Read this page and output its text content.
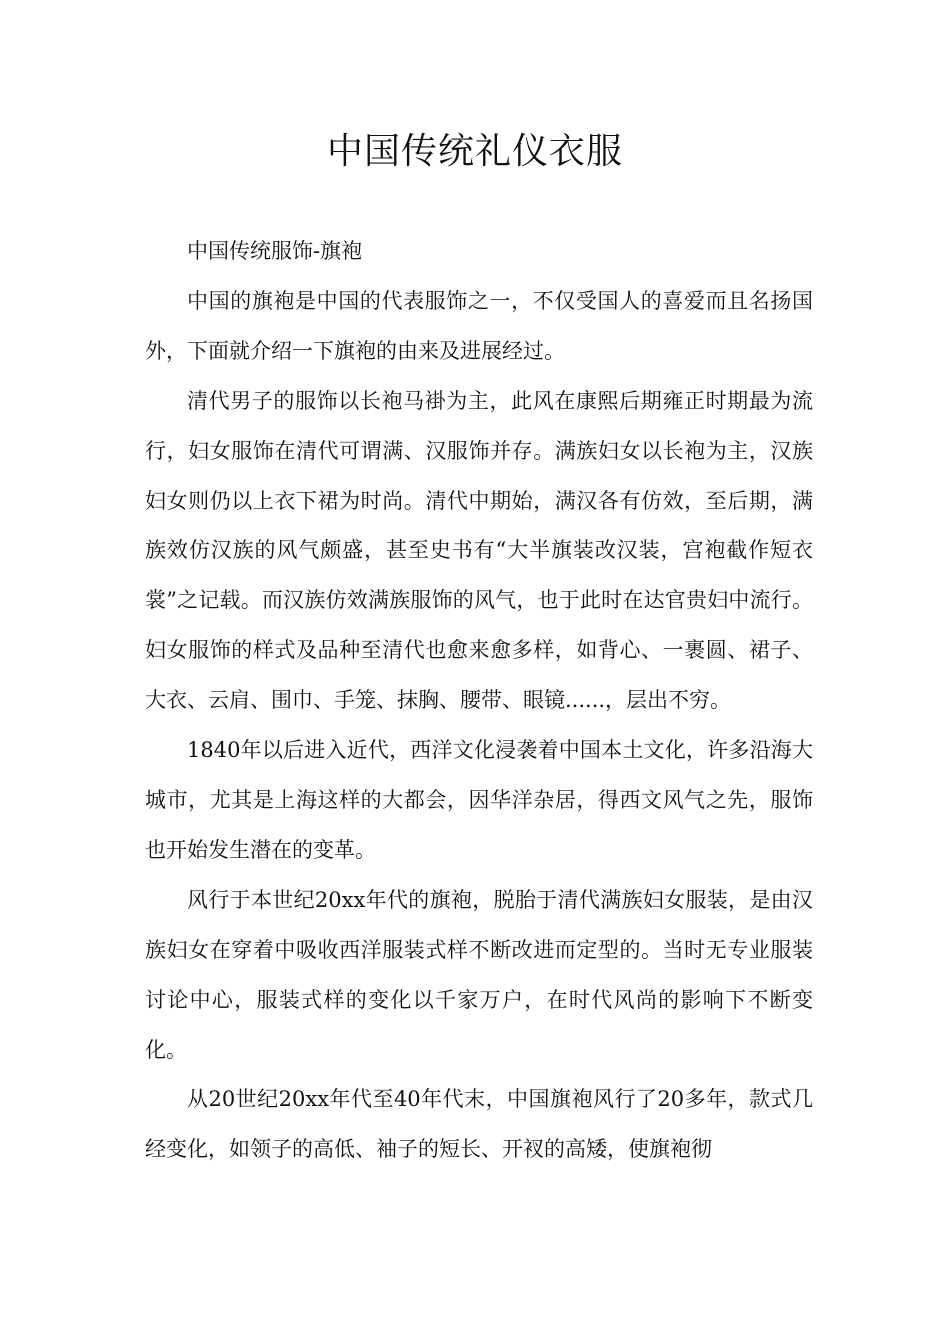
中国传统礼仪衣服

中国传统服饰-旗袍

中国的旗袍是中国的代表服饰之一，不仅受国人的喜爱而且名扬国外，下面就介绍一下旗袍的由来及进展经过。

清代男子的服饰以长袍马褂为主，此风在康熙后期雍正时期最为流行，妇女服饰在清代可谓满、汉服饰并存。满族妇女以长袍为主，汉族妇女则仍以上衣下裙为时尚。清代中期始，满汉各有仿效，至后期，满族效仿汉族的风气颇盛，甚至史书有“大半旗装改汉装，宫袍截作短衣裳”之记载。而汉族仿效满族服饰的风气，也于此时在达官贵妇中流行。妇女服饰的样式及品种至清代也愈来愈多样，如背心、一裹圆、裙子、大衣、云肩、围巾、手笼、抹胸、腰带、眼镜......，层出不穷。

1840年以后进入近代，西洋文化浸袭着中国本土文化，许多沿海大城市，尤其是上海这样的大都会，因华洋杂居，得西文风气之先，服饰也开始发生潜在的变革。

风行于本世纪20xx年代的旗袍，脱胎于清代满族妇女服装，是由汉族妇女在穿着中吸收西洋服装式样不断改进而定型的。当时无专业服装讨论中心，服装式样的变化以千家万户，在时代风尚的影响下不断变化。

从20世纪20xx年代至40年代末，中国旗袍风行了20多年，款式几经变化，如领子的高低、袖子的短长、开衩的高矮，使旗袍彻
